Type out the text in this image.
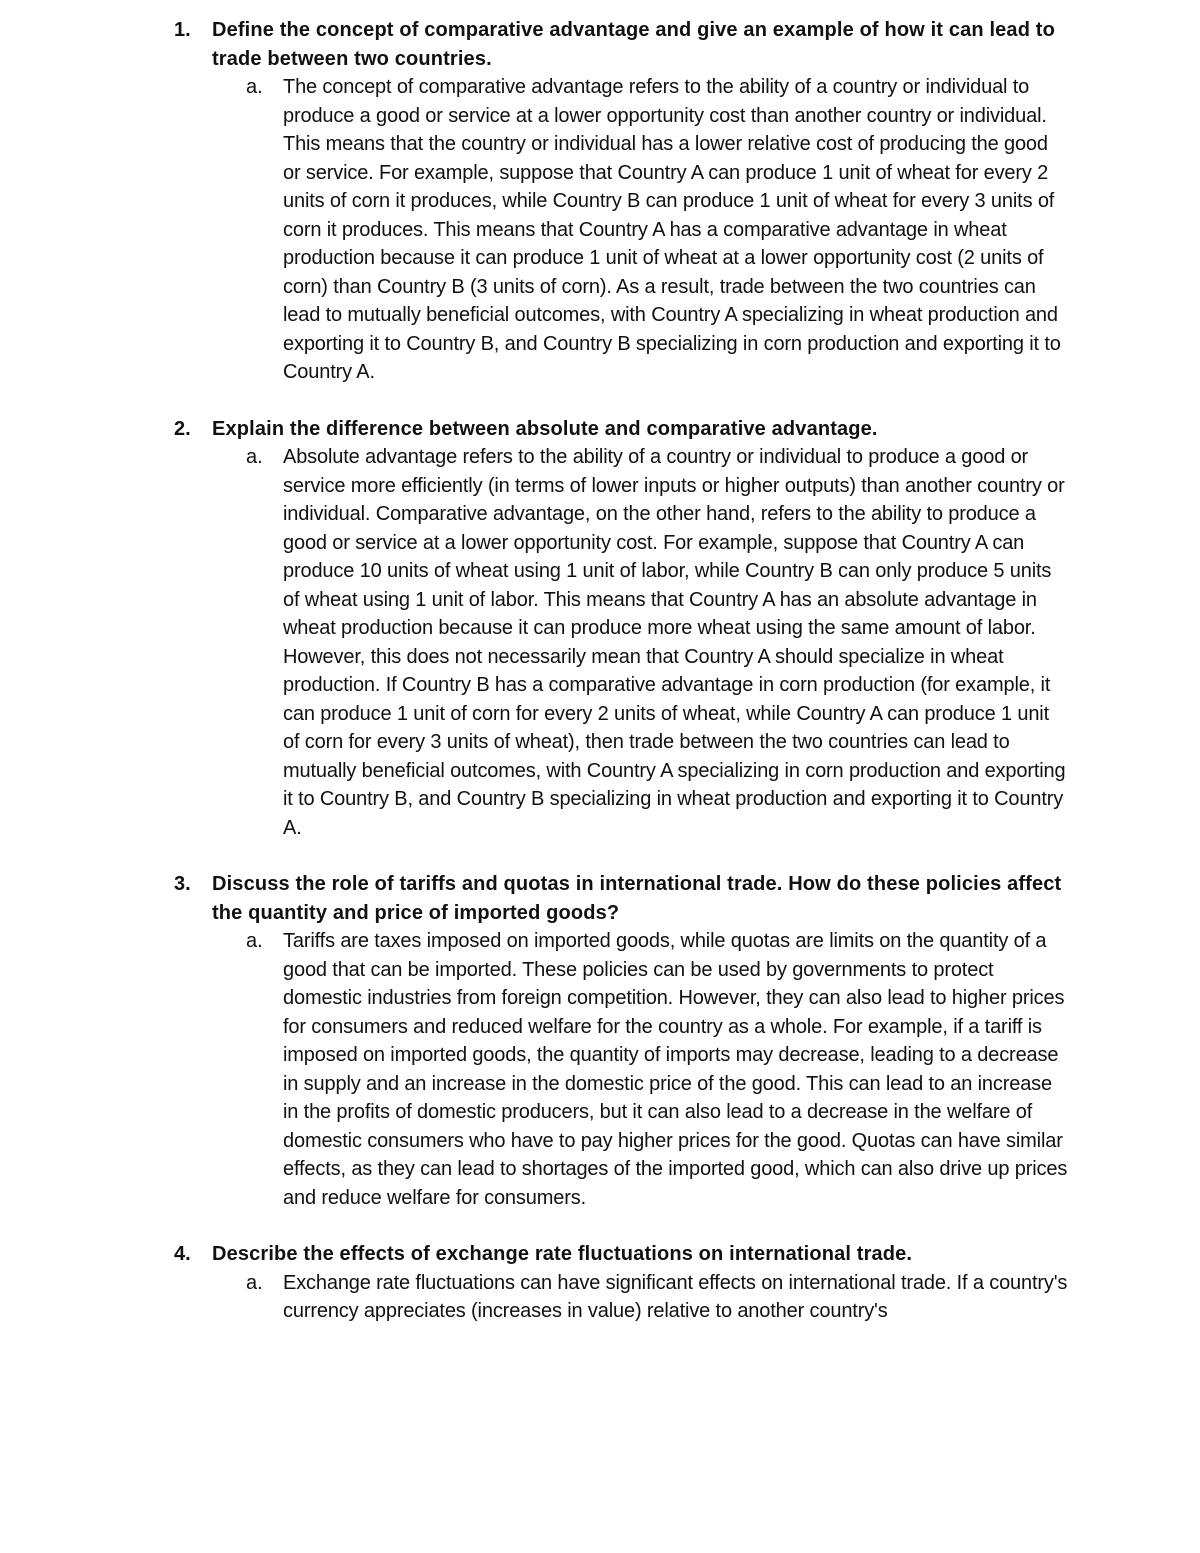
1.	Define the concept of comparative advantage and give an example of how it can lead to trade between two countries.

a.	The concept of comparative advantage refers to the ability of a country or individual to produce a good or service at a lower opportunity cost than another country or individual. This means that the country or individual has a lower relative cost of producing the good or service. For example, suppose that Country A can produce 1 unit of wheat for every 2 units of corn it produces, while Country B can produce 1 unit of wheat for every 3 units of corn it produces. This means that Country A has a comparative advantage in wheat production because it can produce 1 unit of wheat at a lower opportunity cost (2 units of corn) than Country B (3 units of corn). As a result, trade between the two countries can lead to mutually beneficial outcomes, with Country A specializing in wheat production and exporting it to Country B, and Country B specializing in corn production and exporting it to Country A.

2.	Explain the difference between absolute and comparative advantage.

a.	Absolute advantage refers to the ability of a country or individual to produce a good or service more efficiently (in terms of lower inputs or higher outputs) than another country or individual. Comparative advantage, on the other hand, refers to the ability to produce a good or service at a lower opportunity cost. For example, suppose that Country A can produce 10 units of wheat using 1 unit of labor, while Country B can only produce 5 units of wheat using 1 unit of labor. This means that Country A has an absolute advantage in wheat production because it can produce more wheat using the same amount of labor. However, this does not necessarily mean that Country A should specialize in wheat production. If Country B has a comparative advantage in corn production (for example, it can produce 1 unit of corn for every 2 units of wheat, while Country A can produce 1 unit of corn for every 3 units of wheat), then trade between the two countries can lead to mutually beneficial outcomes, with Country A specializing in corn production and exporting it to Country B, and Country B specializing in wheat production and exporting it to Country A.

3.	Discuss the role of tariffs and quotas in international trade. How do these policies affect the quantity and price of imported goods?

a.	Tariffs are taxes imposed on imported goods, while quotas are limits on the quantity of a good that can be imported. These policies can be used by governments to protect domestic industries from foreign competition. However, they can also lead to higher prices for consumers and reduced welfare for the country as a whole. For example, if a tariff is imposed on imported goods, the quantity of imports may decrease, leading to a decrease in supply and an increase in the domestic price of the good. This can lead to an increase in the profits of domestic producers, but it can also lead to a decrease in the welfare of domestic consumers who have to pay higher prices for the good. Quotas can have similar effects, as they can lead to shortages of the imported good, which can also drive up prices and reduce welfare for consumers.

4.	Describe the effects of exchange rate fluctuations on international trade.

a.	Exchange rate fluctuations can have significant effects on international trade. If a country's currency appreciates (increases in value) relative to another country's
